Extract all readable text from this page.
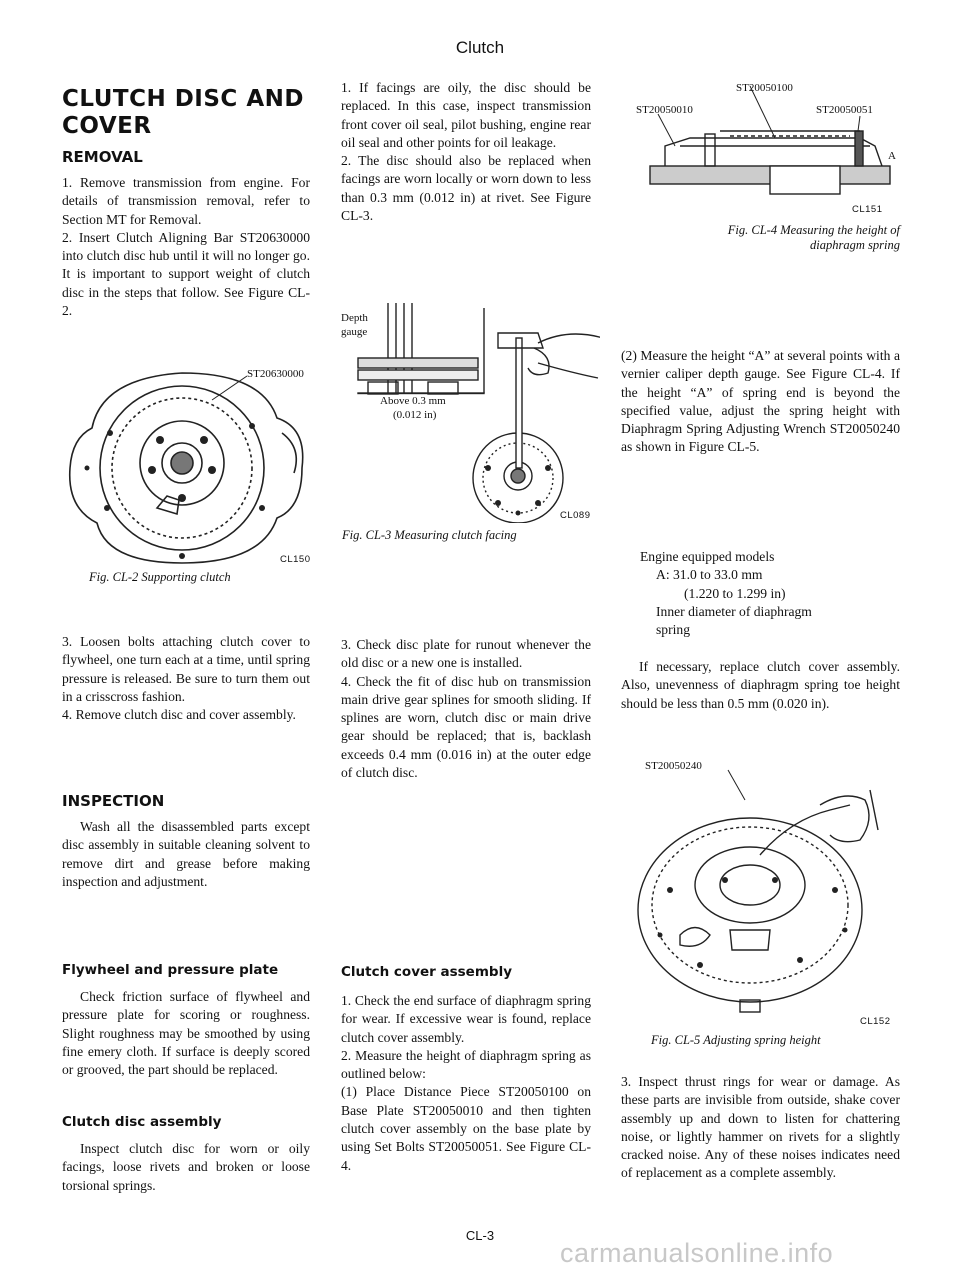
Clutch
CLUTCH DISC AND
COVER
REMOVAL

1. Remove transmission from engine. For details of transmission removal, refer to Section MT for Removal.

2. Insert Clutch Aligning Bar ST20630000 into clutch disc hub until it will no longer go. It is important to support weight of clutch disc in the steps that follow. See Figure CL-2.

ST20630000
CL150
Fig. CL-2 Supporting clutch

3. Loosen bolts attaching clutch cover to flywheel, one turn each at a time, until spring pressure is released. Be sure to turn them out in a crisscross fashion.

4. Remove clutch disc and cover assembly.

INSPECTION
Wash all the disassembled parts except disc assembly in suitable cleaning solvent to remove dirt and grease before making inspection and adjustment.
Flywheel and pressure plate
Check friction surface of flywheel and pressure plate for scoring or roughness. Slight roughness may be smoothed by using fine emery cloth. If surface is deeply scored or grooved, the part should be replaced.
Clutch disc assembly
Inspect clutch disc for worn or oily facings, loose rivets and broken or loose torsional springs.

1. If facings are oily, the disc should be replaced. In this case, inspect transmission front cover oil seal, pilot bushing, engine rear oil seal and other points for oil leakage.

2. The disc should also be replaced when facings are worn locally or worn down to less than 0.3 mm (0.012 in) at rivet. See Figure CL-3.

Depth
gauge
Above 0.3 mm
(0.012 in)
CL089
Fig. CL-3 Measuring clutch facing

3. Check disc plate for runout whenever the old disc or a new one is installed.

4. Check the fit of disc hub on transmission main drive gear splines for smooth sliding. If splines are worn, clutch disc or main drive gear should be replaced; that is, backlash exceeds 0.4 mm (0.016 in) at the outer edge of clutch disc.

Clutch cover assembly

1. Check the end surface of diaphragm spring for wear. If excessive wear is found, replace clutch cover assembly.

2. Measure the height of diaphragm spring as outlined below:

(1) Place Distance Piece ST20050100 on Base Plate ST20050010 and then tighten clutch cover assembly on the base plate by using Set Bolts ST20050051. See Figure CL-4.

CL-3
ST20050100
ST20050010	ST20050051
A
CL151
Fig. CL-4 Measuring the height of
diaphragm spring
(2) Measure the height “A” at several points with a vernier caliper depth gauge. See Figure CL-4. If the height “A” of spring end is beyond the specified value, adjust the spring height with Diaphragm Spring Adjusting Wrench ST20050240 as shown in Figure CL-5.
Engine equipped models
A: 31.0 to 33.0 mm
(1.220 to 1.299 in)
Inner diameter of diaphragm
spring
If necessary, replace clutch cover assembly. Also, unevenness of diaphragm spring toe height should be less than 0.5 mm (0.020 in).
ST20050240
CL152
Fig. CL-5 Adjusting spring height
3. Inspect thrust rings for wear or damage. As these parts are invisible from outside, shake cover assembly up and down to listen for chattering noise, or lightly hammer on rivets for a slightly cracked noise. Any of these noises indicates need of replacement as a complete assembly.
carmanualsonline.info
